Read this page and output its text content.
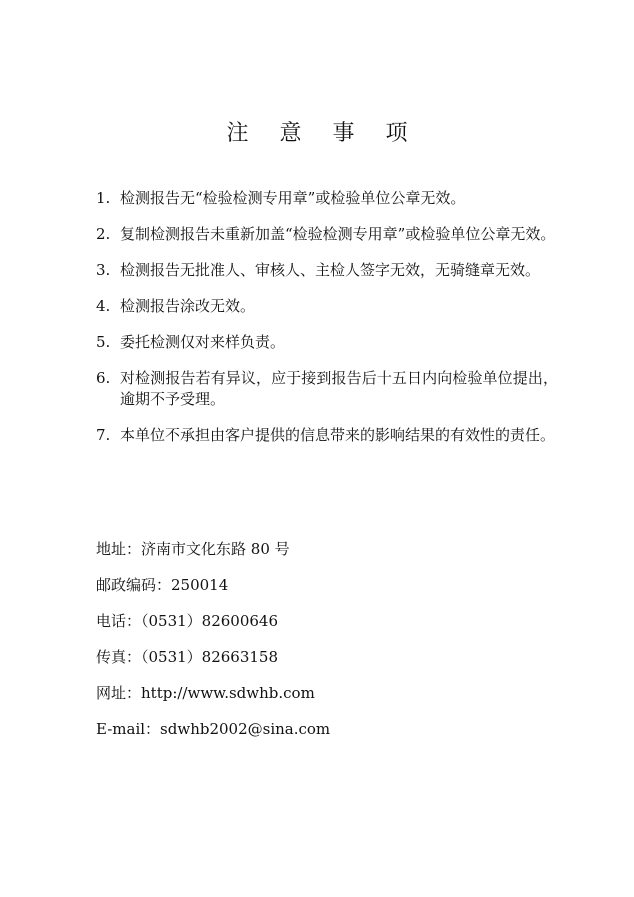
注 意 事 项
1. 检测报告无“检验检测专用章”或检验单位公章无效。
2. 复制检测报告未重新加盖“检验检测专用章”或检验单位公章无效。
3. 检测报告无批准人、审核人、主检人签字无效，无骑缝章无效。
4. 检测报告涂改无效。
5. 委托检测仅对来样负责。
6. 对检测报告若有异议，应于接到报告后十五日内向检验单位提出，逾期不予受理。
7. 本单位不承担由客户提供的信息带来的影响结果的有效性的责任。
地址：济南市文化东路 80 号
邮政编码：250014
电话：（0531）82600646
传真：（0531）82663158
网址：http://www.sdwhb.com
E-mail：sdwhb2002@sina.com
